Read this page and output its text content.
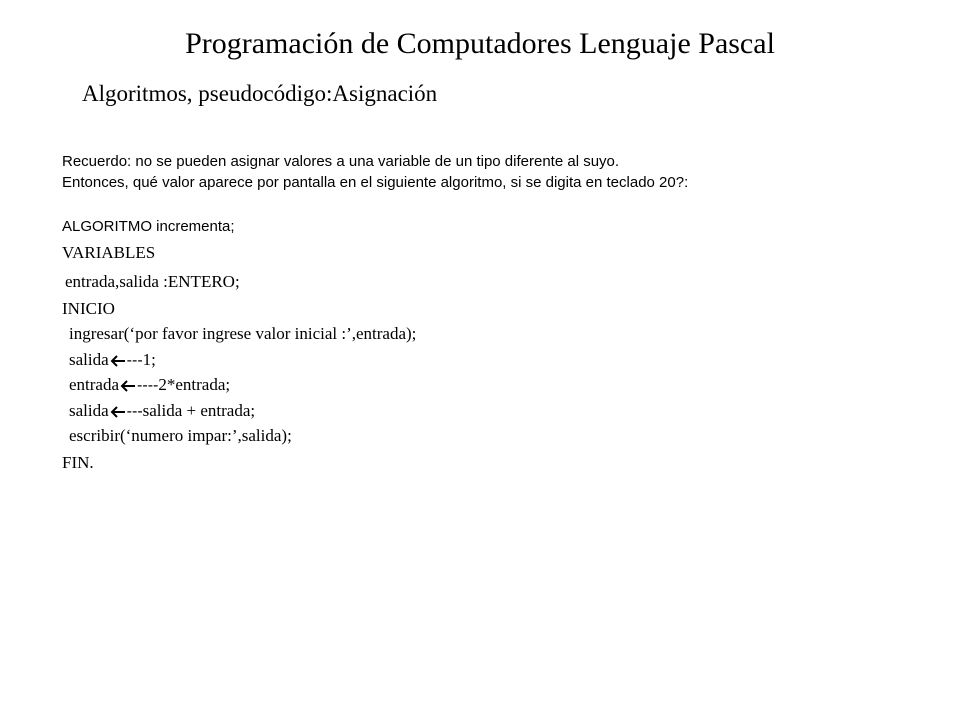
Programación de Computadores Lenguaje Pascal
Algoritmos, pseudocódigo:Asignación
Recuerdo: no se pueden asignar valores a una variable de un tipo diferente al suyo.
Entonces, qué valor aparece por pantalla en el siguiente algoritmo, si se digita en teclado 20?:
ALGORITMO incrementa;
VARIABLES
entrada,salida :ENTERO;
INICIO
ingresar(‘por favor ingrese valor inicial :’,entrada);
salida ---1;
entrada ----2*entrada;
salida ---salida + entrada;
escribir(‘numero impar:’,salida);
FIN.
